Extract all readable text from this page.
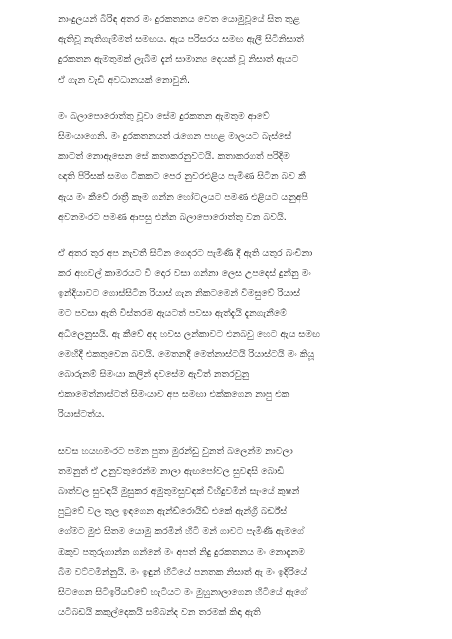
නාංදුලයන් බිරිඳ අතර මං දුරකතනය වෙත යොමුවූයේ සිත තුළ
ඇතිවූ නැතිගැම්මත් සමඟය. ඇය පරිසරය සමඟ ඇලී සිටිනිසාත්
දුරකතන ඇමතුමක් ලැබීම දැන් සාමාන්‍ය දෙයක් වූ නිසාත් ඇයට
ඒ ගැන වැඩි අවධානයක් නොවුනි.
මං බලාපොරොත්තු වූවා සේම දුරකතන ඇමතුම ආවේ
සිමංයාගෙනි. මං දුරකතනයත් රැගෙන පහළ මාලයට බැස්සේ
කාටත් නොඇසෙන සේ කතාකරනුවටයි. කතාකරගත් පරිදිම
ඥාති පිරිසක් සමග ටිකකට පෙර නුවරඑළිය පැමිණ සිටින බව කී
ඇය මං කීවේ රාත්‍රී කෑම ගන්න හෝටලයට පමණ එළියට යනුඅපි
අවනමංරට පමණ ආපසු එන්න බලාපොරොත්තු වන බවයි.
ඒ අතර තුර අප නැවතී සිටින ගෙදරට පැමිණි දී ඇති යතුර බංචිනා
කර අහවල් කාමරයට වී දොර වසා ගන්නා ලෙස උපදෙස් දුන්නු මං
ඉන්දියාවට ගොස්සිටින රියාස් ගැන නිකටමෙන් විමසුවේ රියාස්
මට පවසා ඇති විස්තරම ඇයටත් පවසා ඇත්දැයි දැනගැනීමේ
අධිලෙනුසයි. ඇ කීවේ අද හවස ලන්කාවට එනබවු හෙට ඇය සමඟ
මෙහිදී එකතුවෙන බවයි. මෙතනදී මෙත්නාස්ටයි රියාස්ටයි මං කියූ
බොරුනම් සිමංයා කලින් දවසේම ඇවිත් නතරවුනු
එකාමෙත්නාස්ටත් සිමංයාව අප සමඟා එක්කගෙන නාපු එක
රියාස්ටත්ය.
සවස හයහමංරට පමන පුතා මුරන්ඩු වුනත් බලෙන්ම නාවලා
තමනුත් ඒ උනුවතුරෙන්ම නාලා ඇඟපෝවල සුවඳසි බොඩි
බාත්වල සුවඳයි මුසුකර අමුතුමසුවඳක් විහිදුවමින් සැංයේ කුෂන්
පුටුවේ වල තුල ඉඳගෙන ඇන්ඩ්රොයිඩ් එකේ ඇන්ග්‍රි බර්ඩ්ස්
ගේමට මුළු සිතම යොමු කරමින් හිටි මන් ගාවට පැමිණි ඇමගේ
ඔකුව පතුරුගාන්න ගන්නේ මං අපත් නිදු දුරකතනය මං නොදැනම
බිම වට්ටමින්නුයි. මං ඉඳුන් හිටියේ පනතක නිසාත් ඇ මං ඉදිරියේ
සිටගෙන සිටිඉරියව්වේ හැටියට මං මුහුනාලාගෙන හිටියේ ඇගේ
යටිබඩයි කකුල්දෙකයි සම්බන්ද වන තරමක් කිඳා ඇති
